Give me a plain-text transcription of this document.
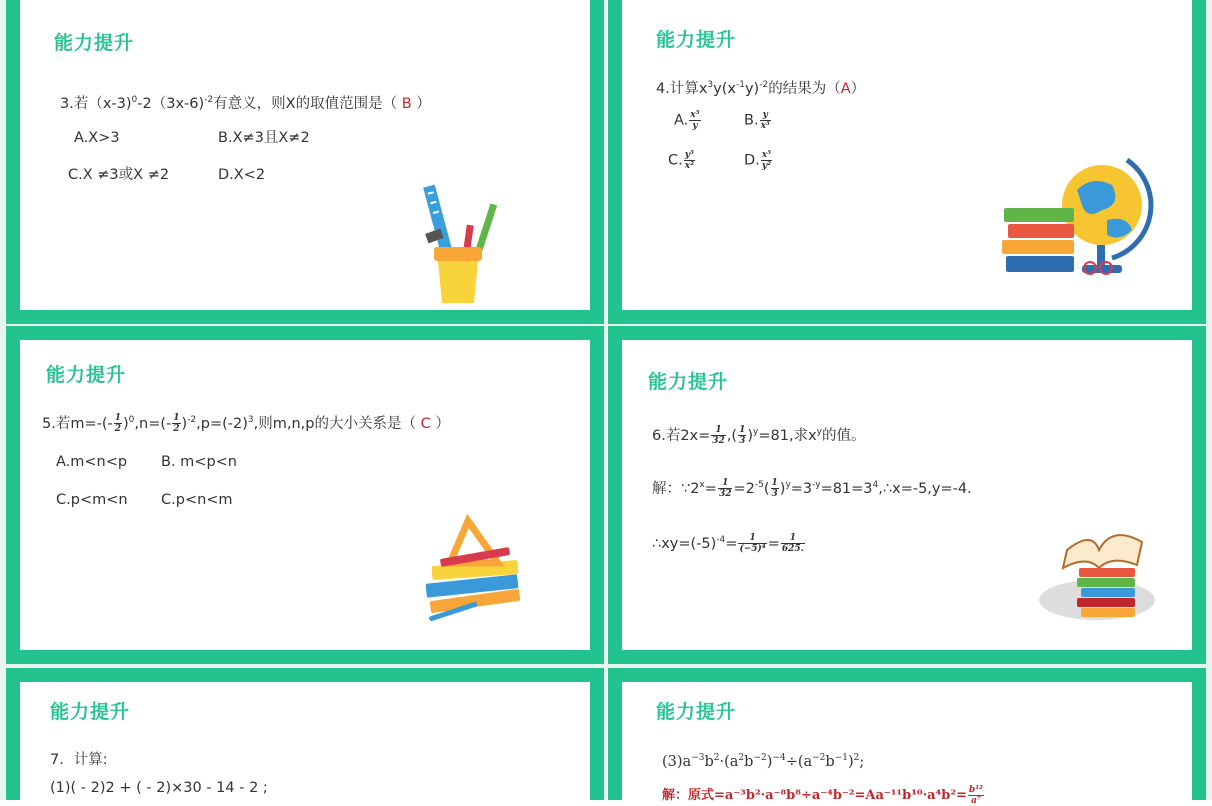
能力提升
3.若（x-3)$^0$-2（3x-6)$^{-2}$有意义，则X的取值范围是（ B ）
A.X>3	B.X≠3且X≠2
C.X ≠3或X ≠2	D.X<2
能力提升
4.计算$x^3y(x^{-1}y)^{-2}$的结果为（A）
A. $\frac{\text{x⁵}}{y}$	B. $\frac{y}{\text{x⁵}}$
C. $\frac{\text{y⁵}}{\text{x²}}$	D. $\frac{\text{x⁵}}{\text{y²}}$
能力提升
5.若$m=-(- \frac{1}{2} )^0,n=(- \frac{1}{2} )^{-2},p=(-2)^3$,则m,n,p的大小关系是（ C ）
A.m<n<p B. m<p<n
C.p<m<n C.p<n<m
能力提升
6.若$2x= \frac{1}{32}$ ,( $\frac{1}{3} )^y=81$,求$x^y$的值。
解：$\because 2^x= \frac{1}{32} =2^{-5}( \frac{1}{3}$ )$^y=3^{-y}=81=3^4,\therefore x=-5,y=-4$.
$\therefore xy=(-5)^{-4}= \frac{1}{\text{(−5)⁴}} = \frac{1}{625.}$
能力提升
7．计算:
(1)( - 2)2 + ( - 2)×30 - 14 - 2 ;
能力提升
$(3)a^{-3}b^2\cdot(a^2b^{-2})^{-4}\div(a^{-2}b^{-1})^2$;
解：原式$=a^{-3}b^2\cdot a^{-8}b^8\div a^{-4}b^{-2}=Aa^{-11}b^{10}\cdot a^4b^2= \frac{\text{b¹²}}{\text{a⁷}}$
